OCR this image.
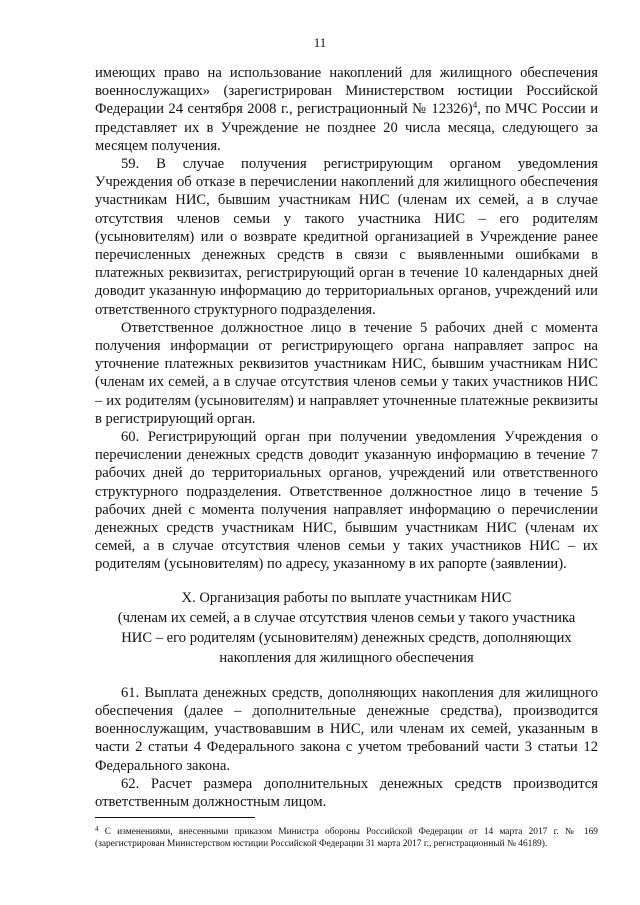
11

имеющих право на использование накоплений для жилищного обеспечения военнослужащих» (зарегистрирован Министерством юстиции Российской Федерации 24 сентября 2008 г., регистрационный № 12326)$^4$, по МЧС России и представляет их в Учреждение не позднее 20 числа месяца, следующего за месяцем получения.

59. В случае получения регистрирующим органом уведомления Учреждения об отказе в перечислении накоплений для жилищного обеспечения участникам НИС, бывшим участникам НИС (членам их семей, а в случае отсутствия членов семьи у такого участника НИС – его родителям (усыновителям) или о возврате кредитной организацией в Учреждение ранее перечисленных денежных средств в связи с выявленными ошибками в платежных реквизитах, регистрирующий орган в течение 10 календарных дней доводит указанную информацию до территориальных органов, учреждений или ответственного структурного подразделения.

Ответственное должностное лицо в течение 5 рабочих дней с момента получения информации от регистрирующего органа направляет запрос на уточнение платежных реквизитов участникам НИС, бывшим участникам НИС (членам их семей, а в случае отсутствия членов семьи у таких участников НИС – их родителям (усыновителям) и направляет уточненные платежные реквизиты в регистрирующий орган.

60. Регистрирующий орган при получении уведомления Учреждения о перечислении денежных средств доводит указанную информацию в течение 7 рабочих дней до территориальных органов, учреждений или ответственного структурного подразделения. Ответственное должностное лицо в течение 5 рабочих дней с момента получения направляет информацию о перечислении денежных средств участникам НИС, бывшим участникам НИС (членам их семей, а в случае отсутствия членов семьи у таких участников НИС – их родителям (усыновителям) по адресу, указанному в их рапорте (заявлении).

X. Организация работы по выплате участникам НИС
(членам их семей, а в случае отсутствия членов семьи у такого участника
НИС – его родителям (усыновителям) денежных средств, дополняющих
накопления для жилищного обеспечения

61. Выплата денежных средств, дополняющих накопления для жилищного обеспечения (далее – дополнительные денежные средства), производится военнослужащим, участвовавшим в НИС, или членам их семей, указанным в части 2 статьи 4 Федерального закона с учетом требований части 3 статьи 12 Федерального закона.

62. Расчет размера дополнительных денежных средств производится ответственным должностным лицом.

$^4$ С изменениями, внесенными приказом Министра обороны Российской Федерации от 14 марта 2017 г. № 169 (зарегистрирован Министерством юстиции Российской Федерации 31 марта 2017 г., регистрационный № 46189).
